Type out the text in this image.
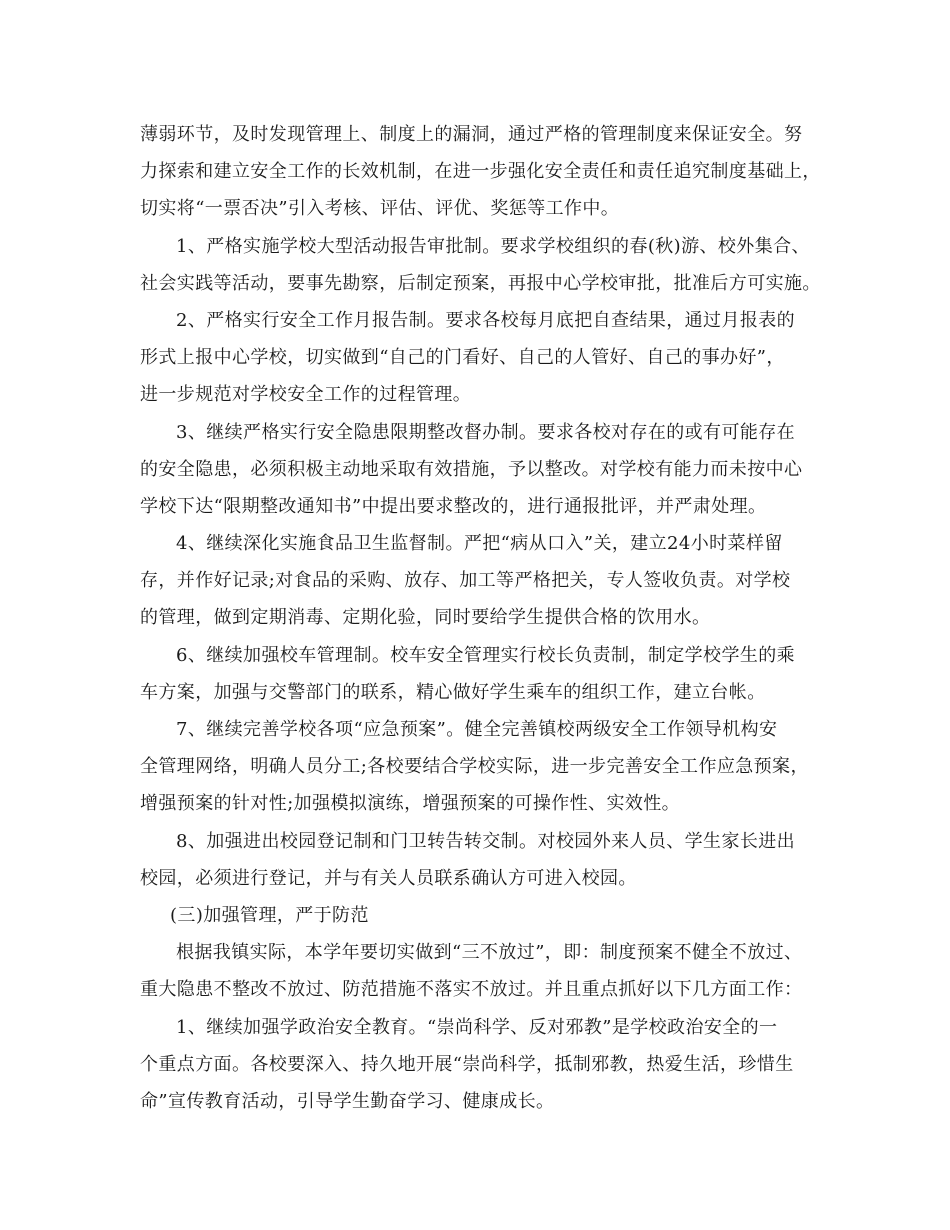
薄弱环节，及时发现管理上、制度上的漏洞，通过严格的管理制度来保证安全。努
力探索和建立安全工作的长效机制，在进一步强化安全责任和责任追究制度基础上，
切实将“一票否决”引入考核、评估、评优、奖惩等工作中。
1、严格实施学校大型活动报告审批制。要求学校组织的春(秋)游、校外集合、
社会实践等活动，要事先勘察，后制定预案，再报中心学校审批，批准后方可实施。
2、严格实行安全工作月报告制。要求各校每月底把自查结果，通过月报表的
形式上报中心学校，切实做到“自己的门看好、自己的人管好、自己的事办好”，
进一步规范对学校安全工作的过程管理。
3、继续严格实行安全隐患限期整改督办制。要求各校对存在的或有可能存在
的安全隐患，必须积极主动地采取有效措施，予以整改。对学校有能力而未按中心
学校下达“限期整改通知书”中提出要求整改的，进行通报批评，并严肃处理。
4、继续深化实施食品卫生监督制。严把“病从口入”关，建立24小时菜样留
存，并作好记录;对食品的采购、放存、加工等严格把关，专人签收负责。对学校
的管理，做到定期消毒、定期化验，同时要给学生提供合格的饮用水。
6、继续加强校车管理制。校车安全管理实行校长负责制，制定学校学生的乘
车方案，加强与交警部门的联系，精心做好学生乘车的组织工作，建立台帐。
7、继续完善学校各项“应急预案”。健全完善镇校两级安全工作领导机构安
全管理网络，明确人员分工;各校要结合学校实际，进一步完善安全工作应急预案，
增强预案的针对性;加强模拟演练，增强预案的可操作性、实效性。
8、加强进出校园登记制和门卫转告转交制。对校园外来人员、学生家长进出
校园，必须进行登记，并与有关人员联系确认方可进入校园。
(三)加强管理，严于防范
根据我镇实际，本学年要切实做到“三不放过”，即：制度预案不健全不放过、
重大隐患不整改不放过、防范措施不落实不放过。并且重点抓好以下几方面工作：
1、继续加强学政治安全教育。“崇尚科学、反对邪教”是学校政治安全的一
个重点方面。各校要深入、持久地开展“崇尚科学，抵制邪教，热爱生活，珍惜生
命”宣传教育活动，引导学生勤奋学习、健康成长。
